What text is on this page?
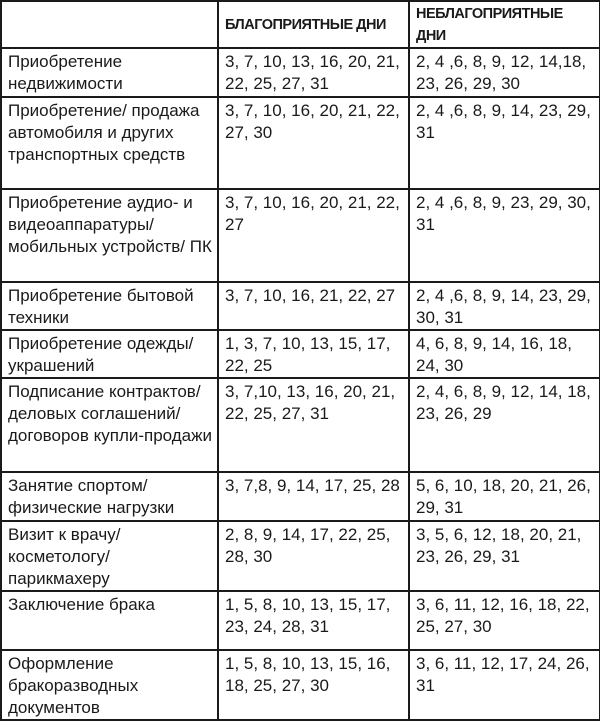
	БЛАГОПРИЯТНЫЕ ДНИ	НЕБЛАГОПРИЯТНЫЕ ДНИ
Приобретение недвижимости	3, 7, 10, 13, 16, 20, 21, 22, 25, 27, 31	2, 4 ,6, 8, 9, 12, 14,18, 23, 26, 29, 30
Приобретение/ продажа автомобиля и других транспортных средств	3, 7, 10, 16, 20, 21, 22, 27, 30	2, 4 ,6, 8, 9, 14, 23, 29, 31
Приобретение аудио- и видеоаппаратуры/ мобильных устройств/ ПК	3, 7, 10, 16, 20, 21, 22, 27	2, 4 ,6, 8, 9, 23, 29, 30, 31
Приобретение бытовой техники	3, 7, 10, 16, 21, 22, 27	2, 4 ,6, 8, 9, 14, 23, 29, 30, 31
Приобретение одежды/украшений	1, 3, 7, 10, 13, 15, 17, 22, 25	4, 6, 8, 9, 14, 16, 18, 24, 30
Подписание контрактов/деловых соглашений/договоров купли-продажи	3, 7,10, 13, 16, 20, 21, 22, 25, 27, 31	2, 4, 6, 8, 9, 12, 14, 18, 23, 26, 29
Занятие спортом/ физические нагрузки	3, 7,8, 9, 14, 17, 25, 28	5, 6, 10, 18, 20, 21, 26, 29, 31
Визит к врачу/ косметологу/ парикмахеру	2, 8, 9, 14, 17, 22, 25, 28, 30	3, 5, 6, 12, 18, 20, 21, 23, 26, 29, 31
Заключение брака	1, 5, 8, 10, 13, 15, 17, 23, 24, 28, 31	3, 6, 11, 12, 16, 18, 22, 25, 27, 30
Оформление бракоразводных документов	1, 5, 8, 10, 13, 15, 16, 18, 25, 27, 30	3, 6, 11, 12, 17, 24, 26, 31
